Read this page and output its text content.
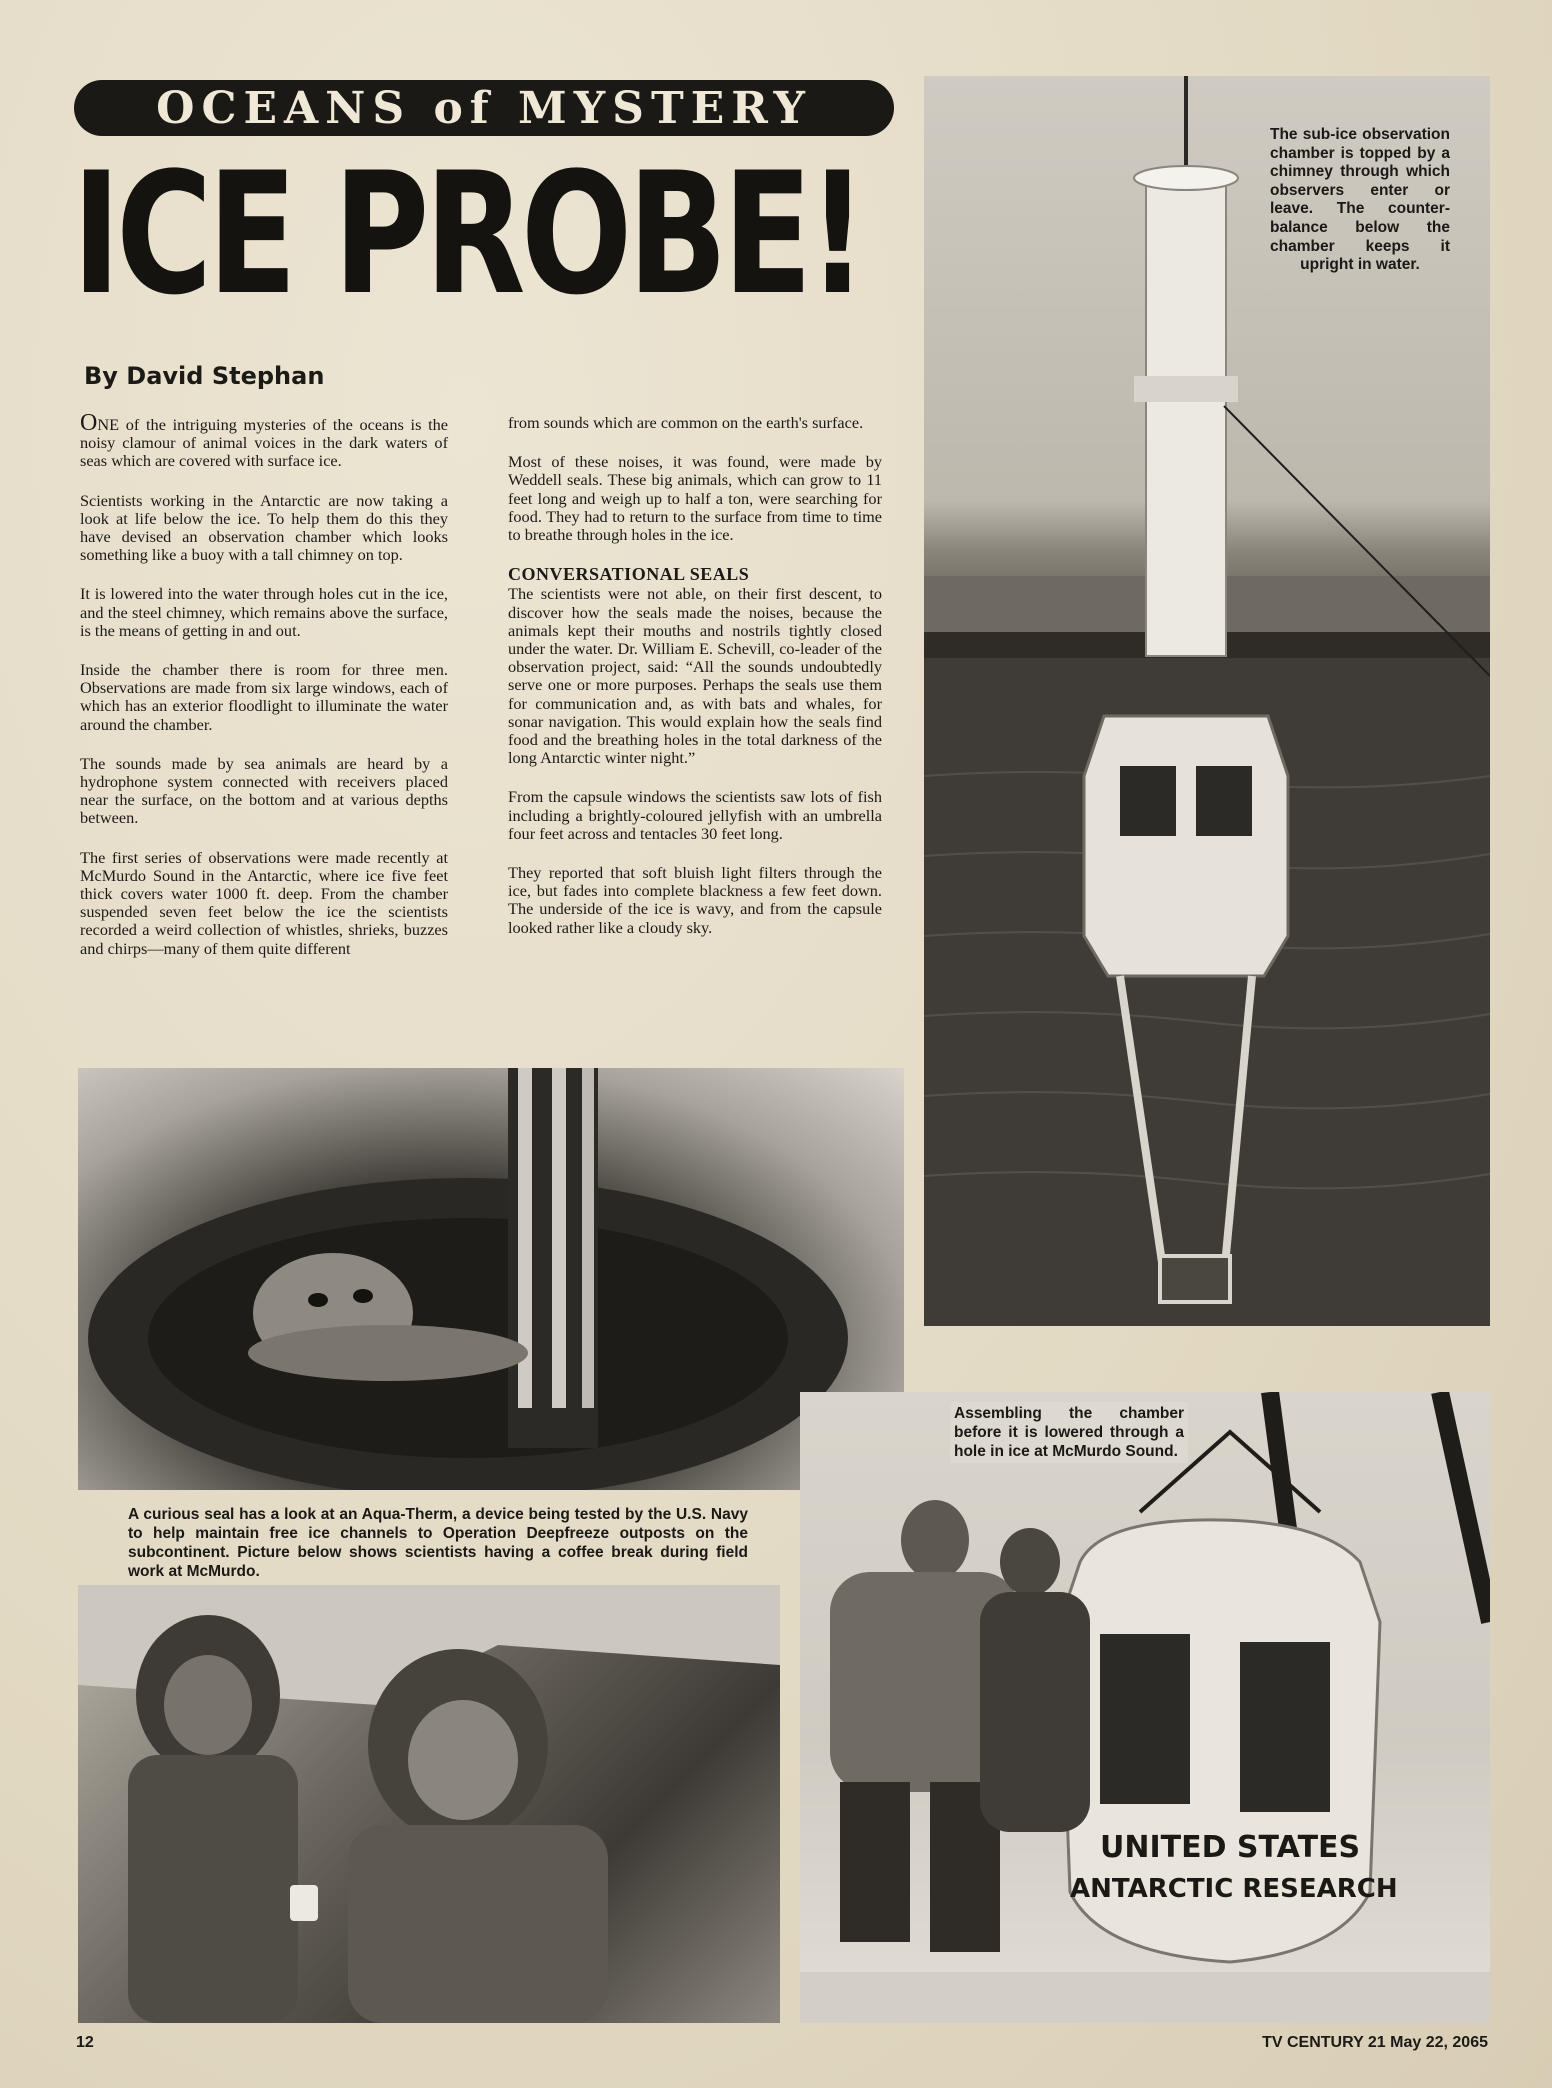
OCEANS of MYSTERY
ICE PROBE!
By David Stephan

ONE of the intriguing mysteries of the oceans is the noisy clamour of animal voices in the dark waters of seas which are covered with surface ice.

Scientists working in the Antarctic are now taking a look at life below the ice. To help them do this they have devised an observation chamber which looks something like a buoy with a tall chimney on top.

It is lowered into the water through holes cut in the ice, and the steel chimney, which remains above the surface, is the means of getting in and out.

Inside the chamber there is room for three men. Observations are made from six large windows, each of which has an exterior floodlight to illuminate the water around the chamber.

The sounds made by sea animals are heard by a hydrophone system connected with receivers placed near the surface, on the bottom and at various depths between.

The first series of observations were made recently at McMurdo Sound in the Antarctic, where ice five feet thick covers water 1000 ft. deep. From the chamber suspended seven feet below the ice the scientists recorded a weird collection of whistles, shrieks, buzzes and chirps—many of them quite different

from sounds which are common on the earth's surface.

Most of these noises, it was found, were made by Weddell seals. These big animals, which can grow to 11 feet long and weigh up to half a ton, were searching for food. They had to return to the surface from time to time to breathe through holes in the ice.

CONVERSATIONAL SEALS

The scientists were not able, on their first descent, to discover how the seals made the noises, because the animals kept their mouths and nostrils tightly closed under the water. Dr. William E. Schevill, co-leader of the observation project, said: “All the sounds undoubtedly serve one or more purposes. Perhaps the seals use them for communication and, as with bats and whales, for sonar navigation. This would explain how the seals find food and the breathing holes in the total darkness of the long Antarctic winter night.”

From the capsule windows the scientists saw lots of fish including a brightly-coloured jellyfish with an umbrella four feet across and tentacles 30 feet long.

They reported that soft bluish light filters through the ice, but fades into complete blackness a few feet down. The underside of the ice is wavy, and from the capsule looked rather like a cloudy sky.

The sub-ice observation chamber is topped by a chimney through which observers enter or leave. The counter-balance below the chamber keeps it upright in water.
A curious seal has a look at an Aqua-Therm, a device being tested by the U.S. Navy to help maintain free ice channels to Operation Deepfreeze outposts on the subcontinent. Picture below shows scientists having a coffee break during field work at McMurdo.
UNITED STATES
ANTARCTIC RESEARCH
Assembling the chamber before it is lowered through a hole in ice at McMurdo Sound.
12	TV CENTURY 21 May 22, 2065
